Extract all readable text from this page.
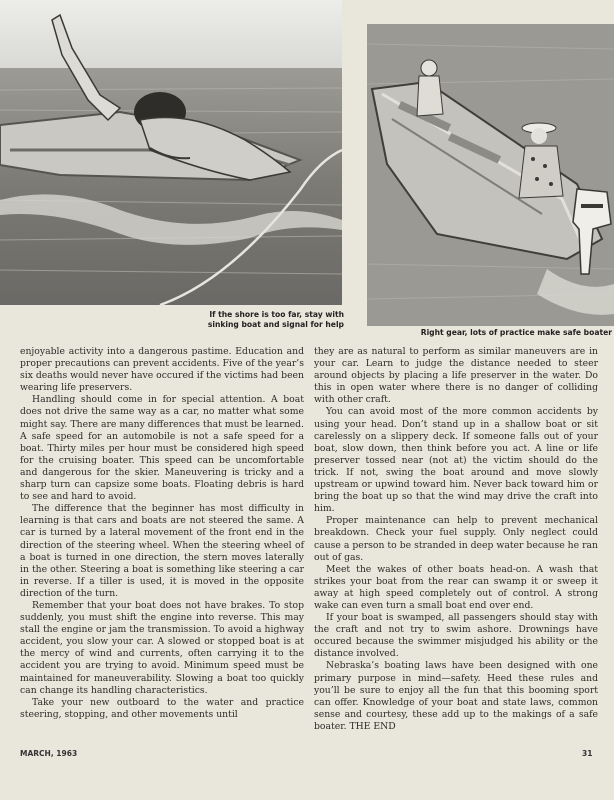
If the shore is too far, stay with
sinking boat and signal for help
Right gear, lots of practice make safe boater

enjoyable activity into a dangerous pastime. Education and proper precautions can prevent accidents. Five of the year’s six deaths would never have occured if the victims had been wearing life preservers.

Handling should come in for special attention. A boat does not drive the same way as a car, no matter what some might say. There are many differences that must be learned. A safe speed for an automobile is not a safe speed for a boat. Thirty miles per hour must be considered high speed for the cruising boater. This speed can be uncomfortable and dangerous for the skier. Maneuvering is tricky and a sharp turn can capsize some boats. Floating debris is hard to see and hard to avoid.

The difference that the beginner has most difficulty in learning is that cars and boats are not steered the same. A car is turned by a lateral movement of the front end in the direction of the steering wheel. When the steering wheel of a boat is turned in one direction, the stern moves laterally in the other. Steering a boat is something like steering a car in reverse. If a tiller is used, it is moved in the opposite direction of the turn.

Remember that your boat does not have brakes. To stop suddenly, you must shift the engine into reverse. This may stall the engine or jam the transmission. To avoid a highway accident, you slow your car. A slowed or stopped boat is at the mercy of wind and currents, often carrying it to the accident you are trying to avoid. Minimum speed must be maintained for maneuverability. Slowing a boat too quickly can change its handling characteristics.

Take your new outboard to the water and practice steering, stopping, and other movements until

they are as natural to perform as similar maneuvers are in your car. Learn to judge the distance needed to steer around objects by placing a life preserver in the water. Do this in open water where there is no danger of colliding with other craft.

You can avoid most of the more common accidents by using your head. Don’t stand up in a shallow boat or sit carelessly on a slippery deck. If someone falls out of your boat, slow down, then think before you act. A line or life preserver tossed near (not at) the victim should do the trick. If not, swing the boat around and move slowly upstream or upwind toward him. Never back toward him or bring the boat up so that the wind may drive the craft into him.

Proper maintenance can help to prevent mechanical breakdown. Check your fuel supply. Only neglect could cause a person to be stranded in deep water because he ran out of gas.

Meet the wakes of other boats head-on. A wash that strikes your boat from the rear can swamp it or sweep it away at high speed completely out of control. A strong wake can even turn a small boat end over end.

If your boat is swamped, all passengers should stay with the craft and not try to swim ashore. Drownings have occured because the swimmer misjudged his ability or the distance involved.

Nebraska’s boating laws have been designed with one primary purpose in mind—safety. Heed these rules and you’ll be sure to enjoy all the fun that this booming sport can offer. Knowledge of your boat and state laws, common sense and courtesy, these add up to the makings of a safe boater. THE END

MARCH, 1963	31
